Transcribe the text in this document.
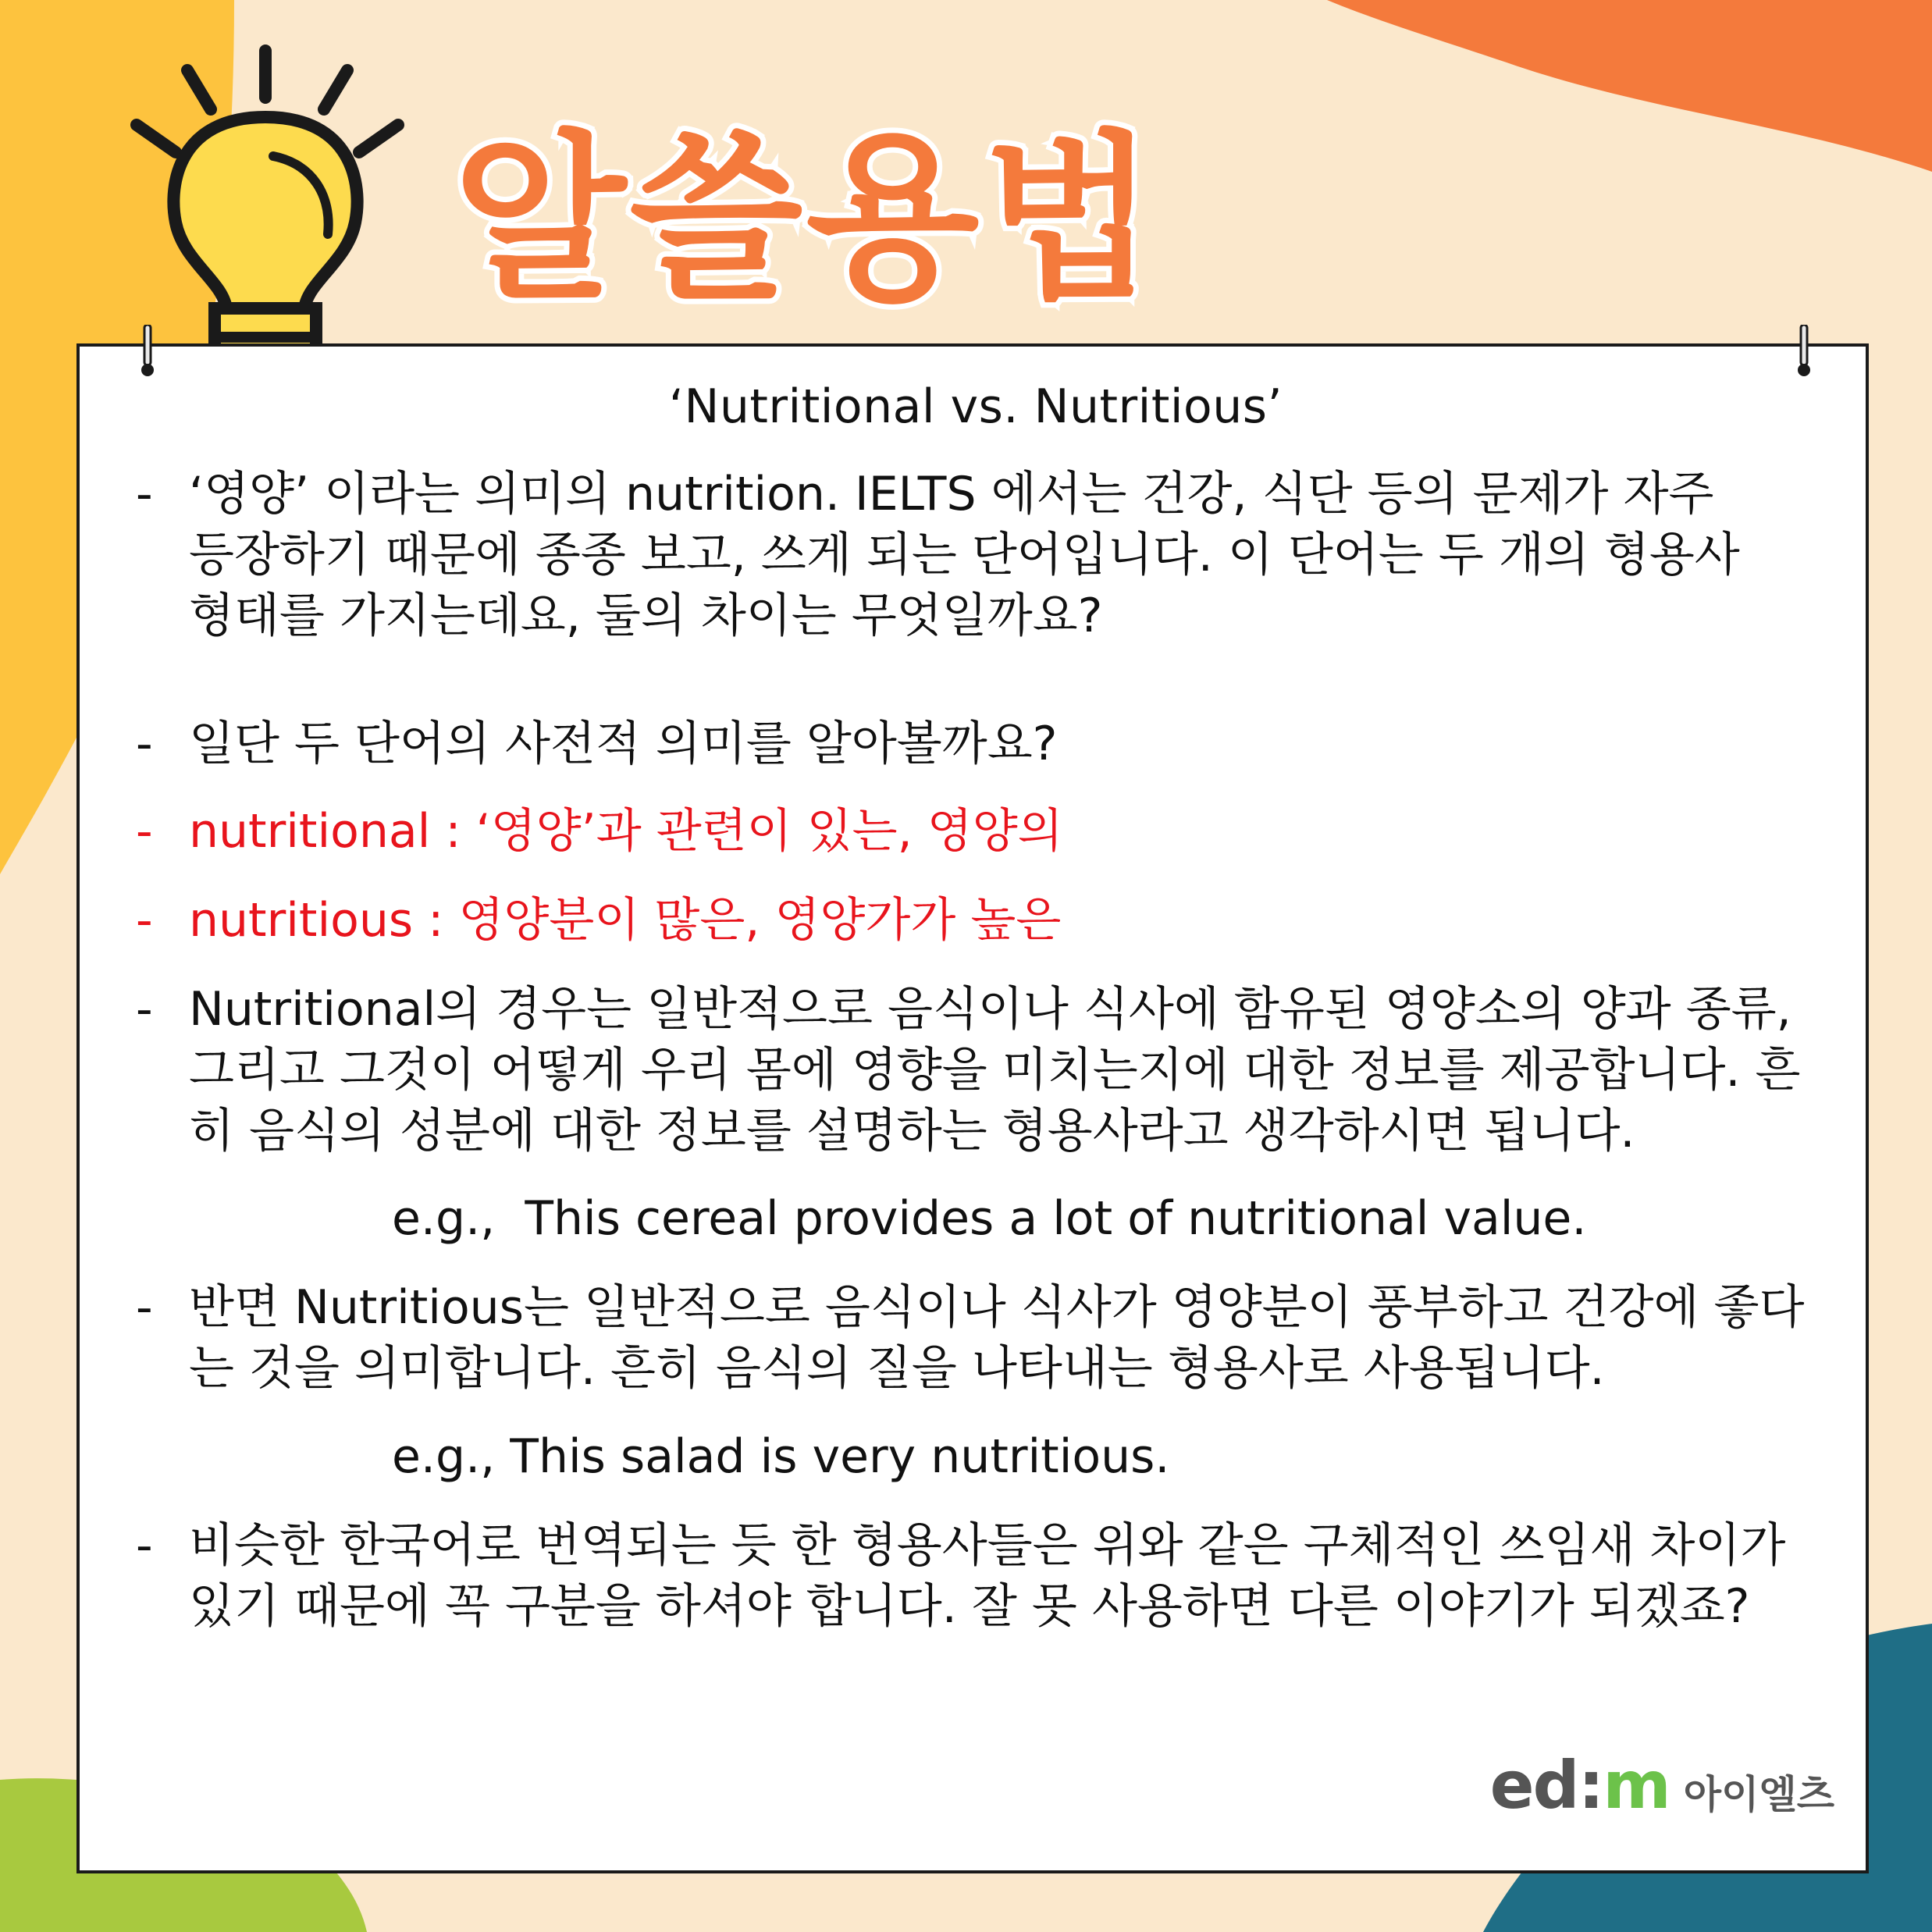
알쓸용법
‘Nutritional vs. Nutritious’
- ‘영양’ 이라는 의미의 nutrition. IELTS 에서는 건강, 식단 등의 문제가 자주
등장하기 때문에 종종 보고, 쓰게 되는 단어입니다. 이 단어는 두 개의 형용사
형태를 가지는데요, 둘의 차이는 무엇일까요?
- 일단 두 단어의 사전적 의미를 알아볼까요?
- nutritional : ‘영양’과 관련이 있는, 영양의
- nutritious : 영양분이 많은, 영양가가 높은
- Nutritional의 경우는 일반적으로 음식이나 식사에 함유된 영양소의 양과 종류,
그리고 그것이 어떻게 우리 몸에 영향을 미치는지에 대한 정보를 제공합니다. 흔
히 음식의 성분에 대한 정보를 설명하는 형용사라고 생각하시면 됩니다.
e.g.,  This cereal provides a lot of nutritional value.
- 반면 Nutritious는 일반적으로 음식이나 식사가 영양분이 풍부하고 건강에 좋다
는 것을 의미합니다. 흔히 음식의 질을 나타내는 형용사로 사용됩니다.
e.g., This salad is very nutritious.
- 비슷한 한국어로 번역되는 듯 한 형용사들은 위와 같은 구체적인 쓰임새 차이가
있기 때문에 꼭 구분을 하셔야 합니다. 잘 못 사용하면 다른 이야기가 되겠죠?
ed:m 아이엘츠
